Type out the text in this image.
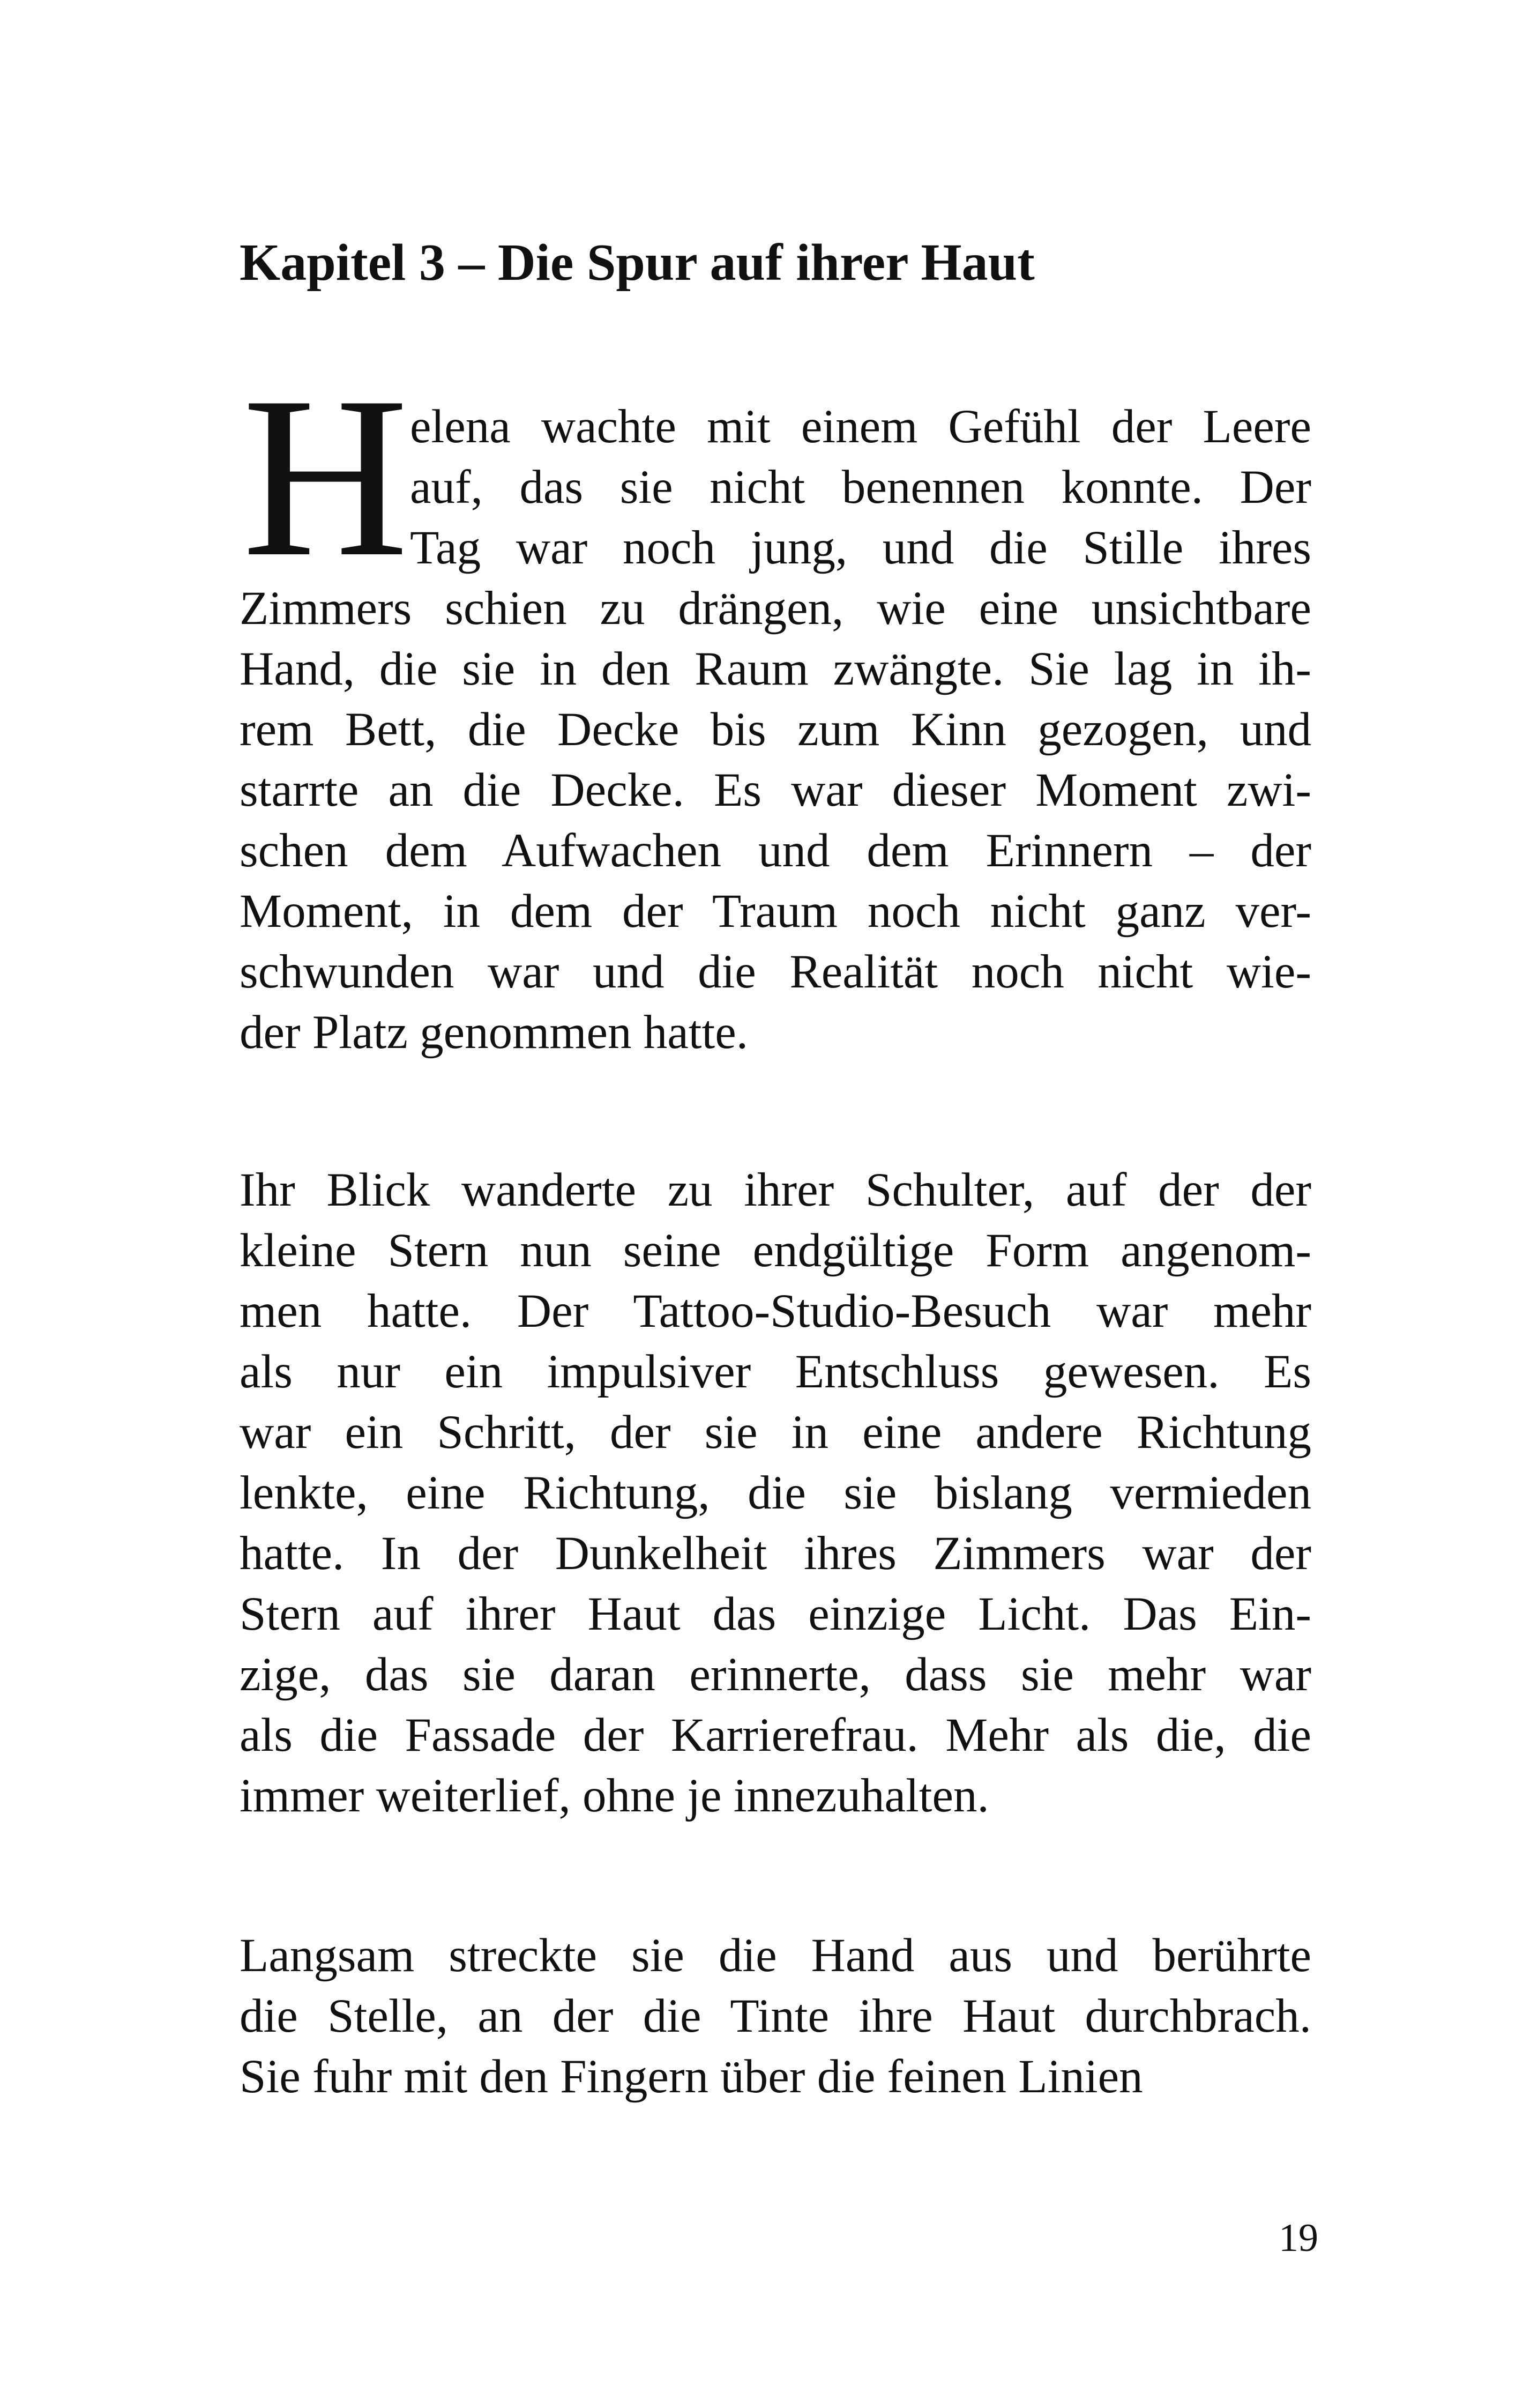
Kapitel 3 – Die Spur auf ihrer Haut
H elena wachte mit einem Gefühl der Leere
auf, das sie nicht benennen konnte. Der
Tag war noch jung, und die Stille ihres
Zimmers schien zu drängen, wie eine unsichtbare
Hand, die sie in den Raum zwängte. Sie lag in ih-
rem Bett, die Decke bis zum Kinn gezogen, und
starrte an die Decke. Es war dieser Moment zwi-
schen dem Aufwachen und dem Erinnern – der
Moment, in dem der Traum noch nicht ganz ver-
schwunden war und die Realität noch nicht wie-
der Platz genommen hatte.
Ihr Blick wanderte zu ihrer Schulter, auf der der
kleine Stern nun seine endgültige Form angenom-
men hatte. Der Tattoo-Studio-Besuch war mehr
als nur ein impulsiver Entschluss gewesen. Es
war ein Schritt, der sie in eine andere Richtung
lenkte, eine Richtung, die sie bislang vermieden
hatte. In der Dunkelheit ihres Zimmers war der
Stern auf ihrer Haut das einzige Licht. Das Ein-
zige, das sie daran erinnerte, dass sie mehr war
als die Fassade der Karrierefrau. Mehr als die, die
immer weiterlief, ohne je innezuhalten.
Langsam streckte sie die Hand aus und berührte
die Stelle, an der die Tinte ihre Haut durchbrach.
Sie fuhr mit den Fingern über die feinen Linien
19
